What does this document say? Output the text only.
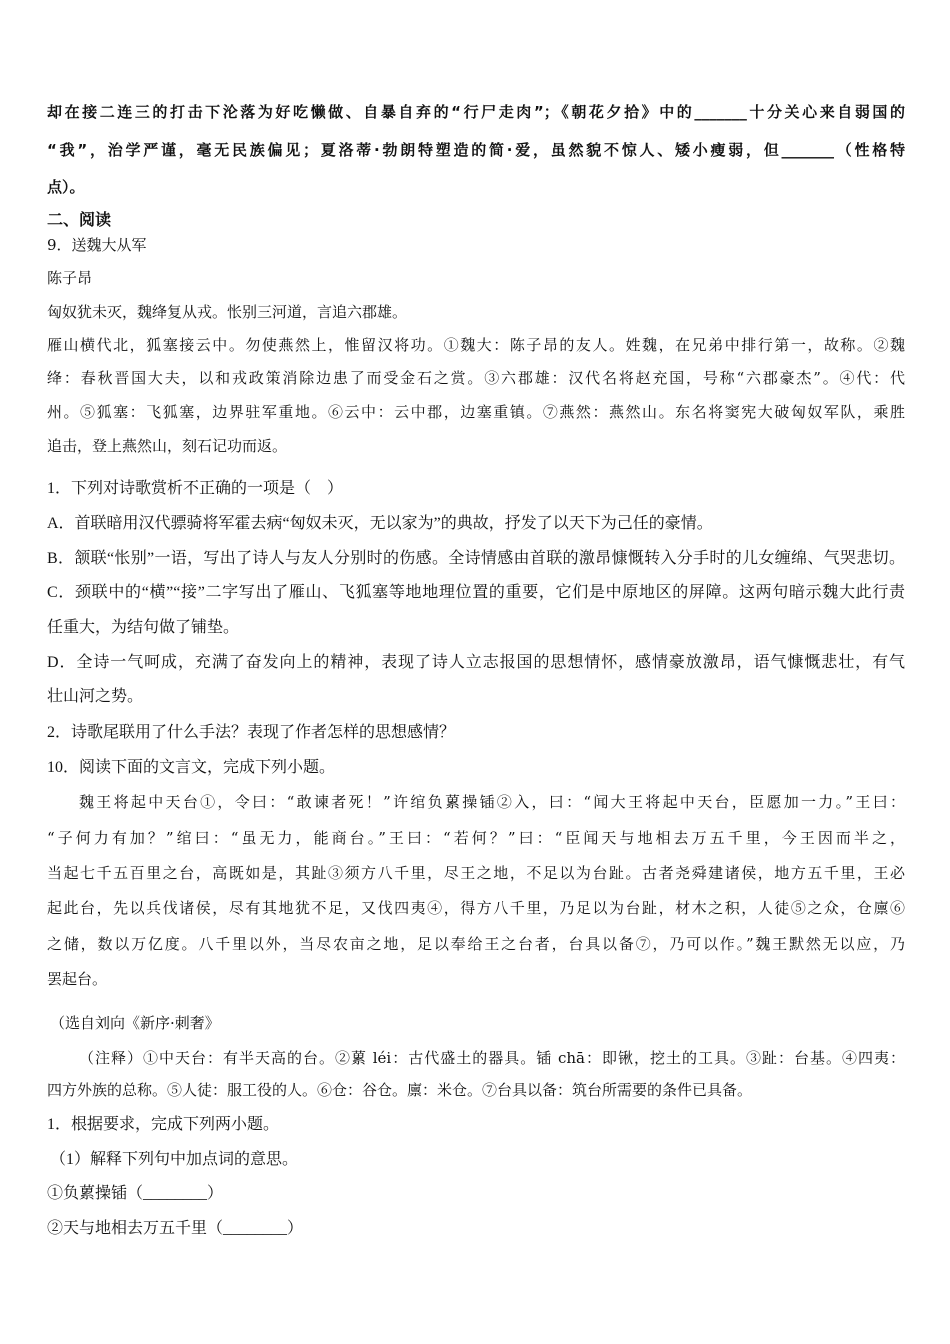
却在接二连三的打击下沦落为好吃懒做、自暴自弃的“行尸走肉”；《朝花夕拾》中的_______十分关心来自弱国的
“我”，治学严谨，毫无民族偏见；夏洛蒂·勃朗特塑造的简·爱，虽然貌不惊人、矮小瘦弱，但_______（性格特
点）。
二、阅读
9．送魏大从军
陈子昂
匈奴犹未灭，魏绛复从戎。怅别三河道，言追六郡雄。
雁山横代北，狐塞接云中。勿使燕然上，惟留汉将功。①魏大：陈子昂的友人。姓魏，在兄弟中排行第一，故称。②魏
绛：春秋晋国大夫，以和戎政策消除边患了而受金石之赏。③六郡雄：汉代名将赵充国，号称“六郡豪杰”。④代：代
州。⑤狐塞：飞狐塞，边界驻军重地。⑥云中：云中郡，边塞重镇。⑦燕然：燕然山。东名将窦宪大破匈奴军队，乘胜
追击，登上燕然山，刻石记功而返。
1．下列对诗歌赏析不正确的一项是（　）
A．首联暗用汉代骠骑将军霍去病“匈奴未灭，无以家为”的典故，抒发了以天下为己任的豪情。
B．颔联“怅别”一语，写出了诗人与友人分别时的伤感。全诗情感由首联的激昂慷慨转入分手时的儿女缠绵、气哭悲切。
C．颈联中的“横”“接”二字写出了雁山、飞狐塞等地地理位置的重要，它们是中原地区的屏障。这两句暗示魏大此行责
任重大，为结句做了铺垫。
D．全诗一气呵成，充满了奋发向上的精神，表现了诗人立志报国的思想情怀，感情豪放激昂，语气慷慨悲壮，有气
壮山河之势。
2．诗歌尾联用了什么手法？表现了作者怎样的思想感情？
10．阅读下面的文言文，完成下列小题。
魏王将起中天台①，令曰：“敢谏者死！”许绾负蔂操锸②入，曰：“闻大王将起中天台，臣愿加一力。”王曰：
“子何力有加？”绾曰：“虽无力，能商台。”王曰：“若何？”曰：“臣闻天与地相去万五千里，今王因而半之，
当起七千五百里之台，高既如是，其趾③须方八千里，尽王之地，不足以为台趾。古者尧舜建诸侯，地方五千里，王必
起此台，先以兵伐诸侯，尽有其地犹不足，又伐四夷④，得方八千里，乃足以为台趾，材木之积，人徒⑤之众，仓廪⑥
之储，数以万亿度。八千里以外，当尽农亩之地，足以奉给王之台者，台具以备⑦，乃可以作。”魏王默然无以应，乃
罢起台。
（选自刘向《新序·刺奢》
（注释）①中天台：有半天高的台。②蔂 léi：古代盛土的器具。锸 chā：即锹，挖土的工具。③趾：台基。④四夷：
四方外族的总称。⑤人徒：服工役的人。⑥仓：谷仓。廪：米仓。⑦台具以备：筑台所需要的条件已具备。
1．根据要求，完成下列两小题。
（1）解释下列句中加点词的意思。
①负蔂操锸（________）
②天与地相去万五千里（________）
